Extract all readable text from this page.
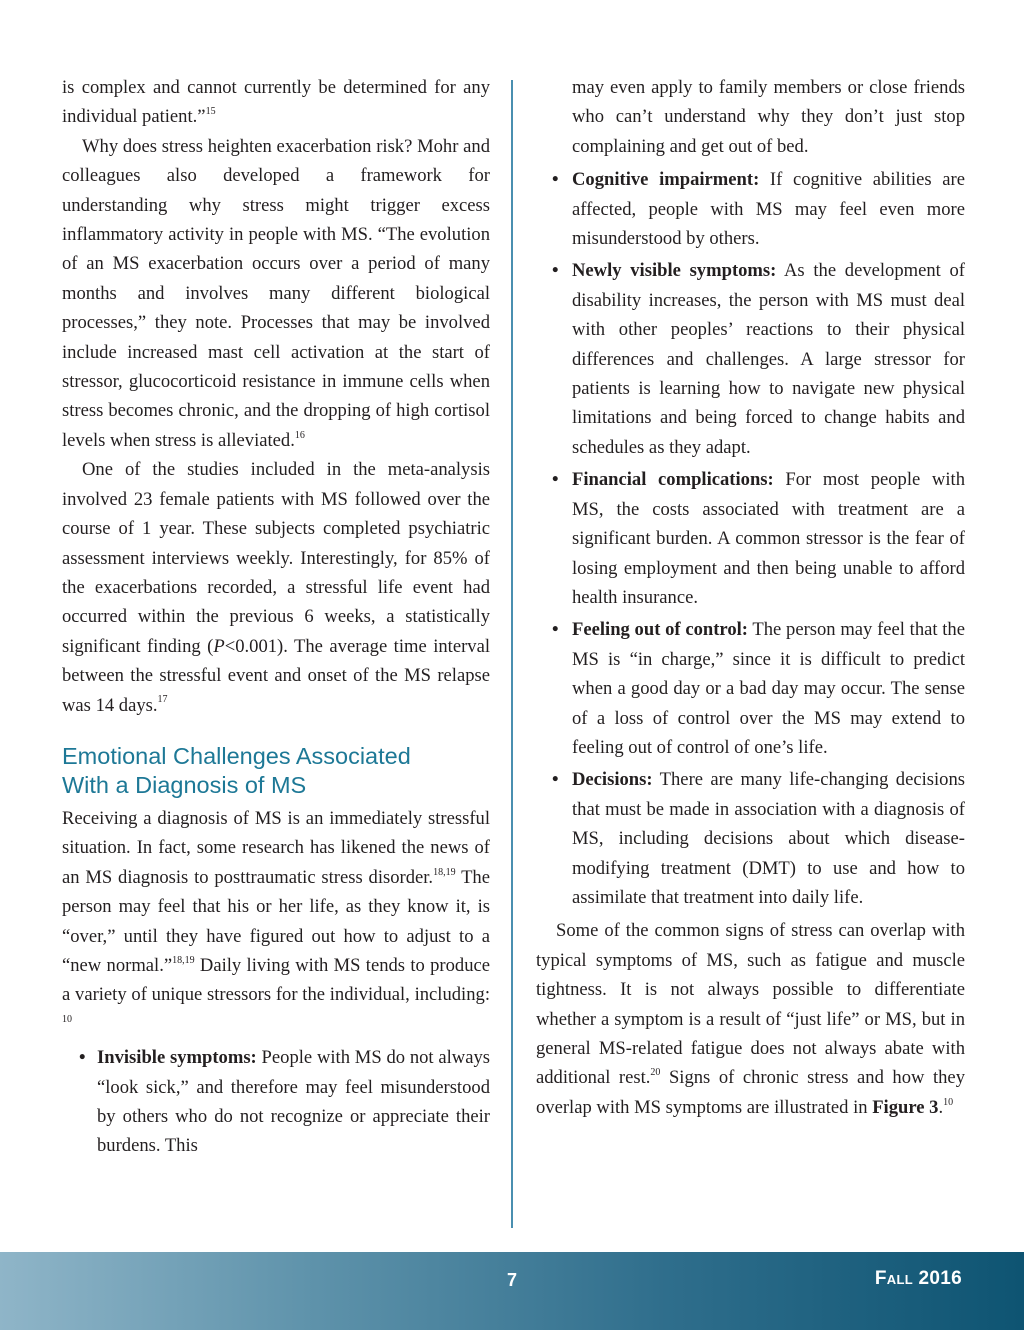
is complex and cannot currently be determined for any individual patient.”$^{15}$

Why does stress heighten exacerbation risk? Mohr and colleagues also developed a framework for understanding why stress might trigger excess inflammatory activity in people with MS. “The evolution of an MS exacerbation occurs over a period of many months and involves many different biological processes,” they note. Processes that may be involved include increased mast cell activation at the start of stressor, glucocorticoid resistance in immune cells when stress becomes chronic, and the dropping of high cortisol levels when stress is alleviated.$^{16}$

One of the studies included in the meta-analysis involved 23 female patients with MS followed over the course of 1 year. These subjects completed psychiatric assessment interviews weekly. Interestingly, for 85% of the exacerbations recorded, a stressful life event had occurred within the previous 6 weeks, a statistically significant finding (P<0.001). The average time interval between the stressful event and onset of the MS relapse was 14 days.$^{17}$

Emotional Challenges Associated
With a Diagnosis of MS

Receiving a diagnosis of MS is an immediately stressful situation. In fact, some research has likened the news of an MS diagnosis to posttraumatic stress disorder.$^{18,19}$ The person may feel that his or her life, as they know it, is “over,” until they have figured out how to adjust to a “new normal.”$^{18,19}$ Daily living with MS tends to produce a variety of unique stressors for the individual, including: $^{10}$

• Invisible symptoms: People with MS do not always “look sick,” and therefore may feel misunderstood by others who do not recognize or appreciate their burdens. This

may even apply to family members or close friends who can’t understand why they don’t just stop complaining and get out of bed.

• Cognitive impairment: If cognitive abilities are affected, people with MS may feel even more misunderstood by others.
• Newly visible symptoms: As the development of disability increases, the person with MS must deal with other peoples’ reactions to their physical differences and challenges. A large stressor for patients is learning how to navigate new physical limitations and being forced to change habits and schedules as they adapt.
• Financial complications: For most people with MS, the costs associated with treatment are a significant burden. A common stressor is the fear of losing employment and then being unable to afford health insurance.
• Feeling out of control: The person may feel that the MS is “in charge,” since it is difficult to predict when a good day or a bad day may occur. The sense of a loss of control over the MS may extend to feeling out of control of one’s life.
• Decisions: There are many life-changing decisions that must be made in association with a diagnosis of MS, including decisions about which disease-modifying treatment (DMT) to use and how to assimilate that treatment into daily life.

Some of the common signs of stress can overlap with typical symptoms of MS, such as fatigue and muscle tightness. It is not always possible to differentiate whether a symptom is a result of “just life” or MS, but in general MS-related fatigue does not always abate with additional rest.$^{20}$ Signs of chronic stress and how they overlap with MS symptoms are illustrated in Figure 3.10

7	Fall 2016
